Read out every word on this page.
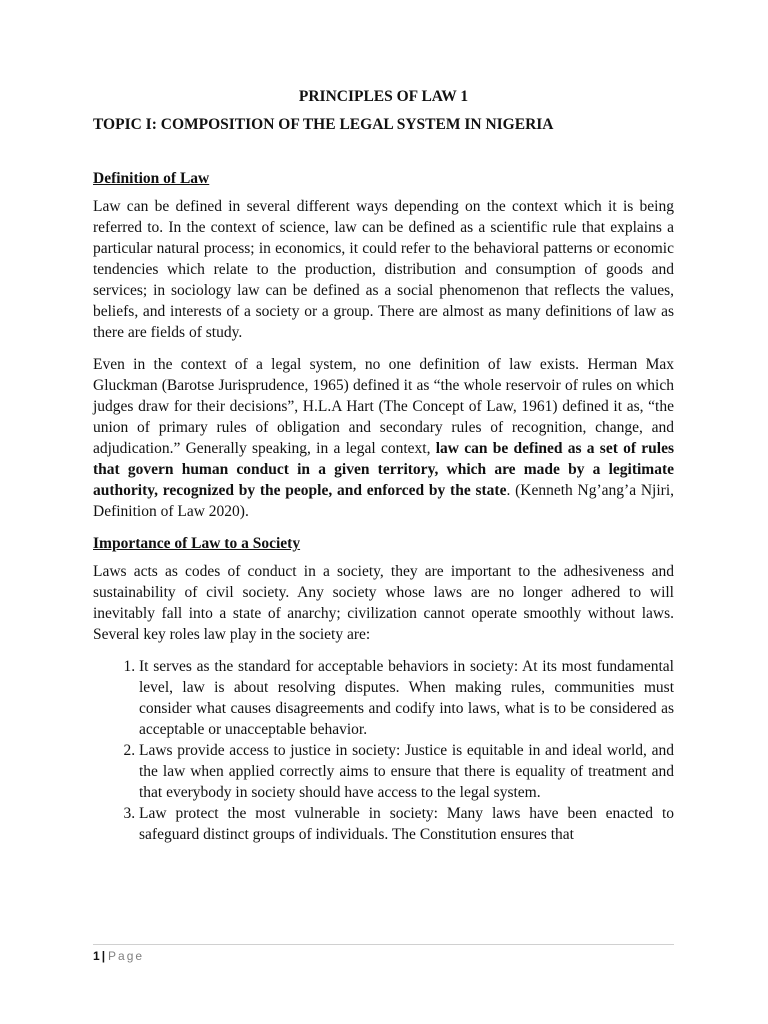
PRINCIPLES OF LAW 1
TOPIC I: COMPOSITION OF THE LEGAL SYSTEM IN NIGERIA
Definition of Law

Law can be defined in several different ways depending on the context which it is being referred to. In the context of science, law can be defined as a scientific rule that explains a particular natural process; in economics, it could refer to the behavioral patterns or economic tendencies which relate to the production, distribution and consumption of goods and services; in sociology law can be defined as a social phenomenon that reflects the values, beliefs, and interests of a society or a group. There are almost as many definitions of law as there are fields of study.

Even in the context of a legal system, no one definition of law exists. Herman Max Gluckman (Barotse Jurisprudence, 1965) defined it as “the whole reservoir of rules on which judges draw for their decisions”, H.L.A Hart (The Concept of Law, 1961) defined it as, “the union of primary rules of obligation and secondary rules of recognition, change, and adjudication.” Generally speaking, in a legal context, law can be defined as a set of rules that govern human conduct in a given territory, which are made by a legitimate authority, recognized by the people, and enforced by the state. (Kenneth Ng’ang’a Njiri, Definition of Law 2020).

Importance of Law to a Society

Laws acts as codes of conduct in a society, they are important to the adhesiveness and sustainability of civil society. Any society whose laws are no longer adhered to will inevitably fall into a state of anarchy; civilization cannot operate smoothly without laws. Several key roles law play in the society are:

1. It serves as the standard for acceptable behaviors in society: At its most fundamental level, law is about resolving disputes. When making rules, communities must consider what causes disagreements and codify into laws, what is to be considered as acceptable or unacceptable behavior.
2. Laws provide access to justice in society: Justice is equitable in and ideal world, and the law when applied correctly aims to ensure that there is equality of treatment and that everybody in society should have access to the legal system.
3. Law protect the most vulnerable in society: Many laws have been enacted to safeguard distinct groups of individuals. The Constitution ensures that
1 | Page
